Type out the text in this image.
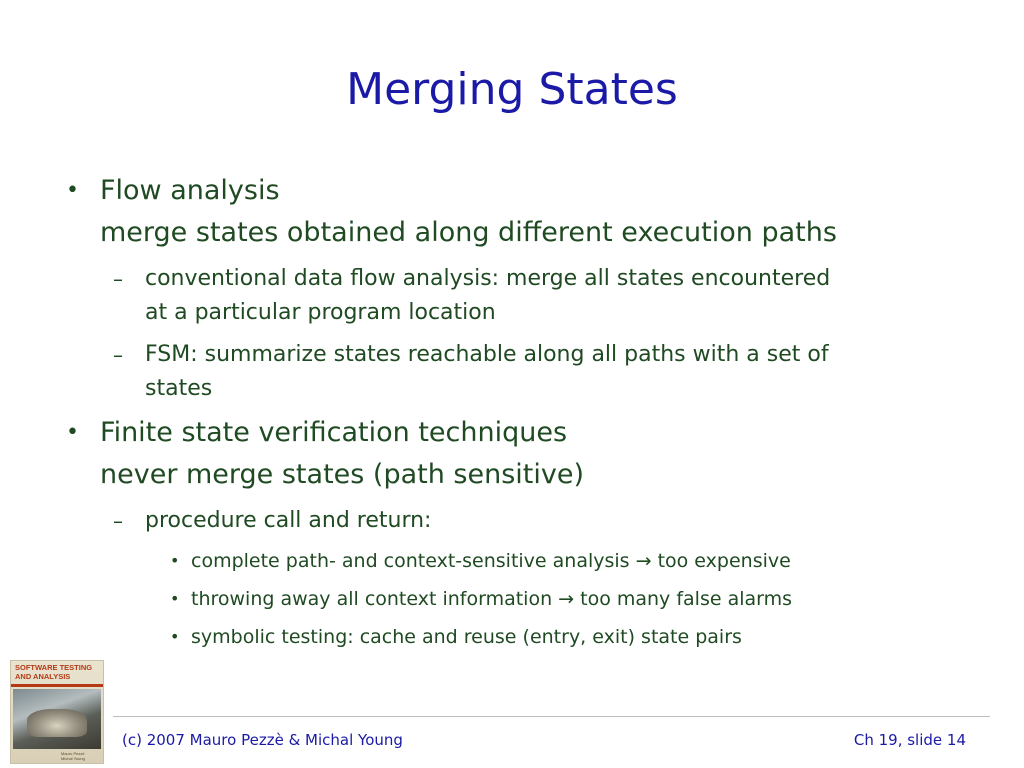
Merging States
• Flow analysis
merge states obtained along different execution paths
– conventional data flow analysis: merge all states encountered
at a particular program location
– FSM: summarize states reachable along all paths with a set of
states
• Finite state verification techniques
never merge states (path sensitive)
– procedure call and return:
• complete path- and context-sensitive analysis → too expensive
• throwing away all context information → too many false alarms
• symbolic testing: cache and reuse (entry, exit) state pairs
SOFTWARE TESTING
AND ANALYSIS
Mauro Pezzè
Michal Young
(c) 2007 Mauro Pezzè & Michal Young	Ch 19, slide 14
